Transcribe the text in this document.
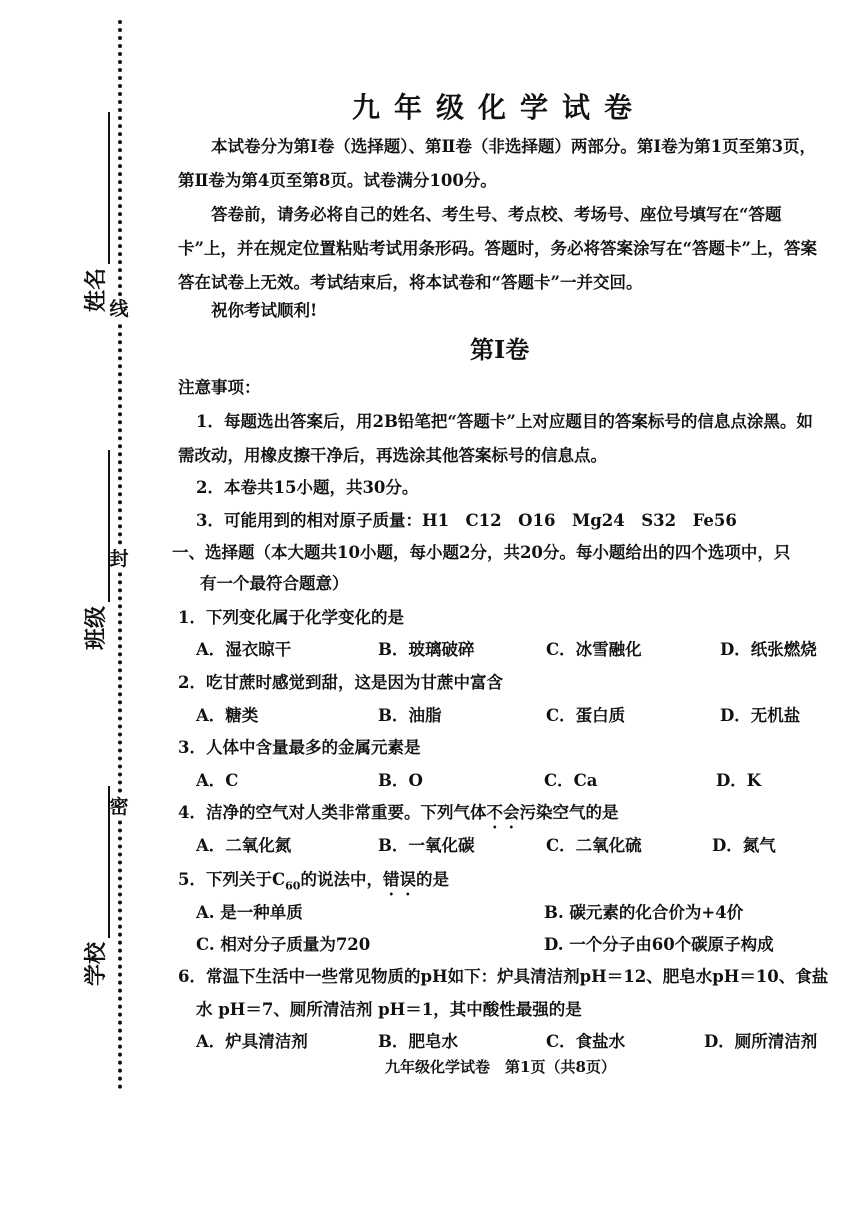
线
封
密
姓名
班级
学校
九年级化学试卷
本试卷分为第Ⅰ卷（选择题）、第Ⅱ卷（非选择题）两部分。第Ⅰ卷为第1页至第3页，第Ⅱ卷为第4页至第8页。试卷满分100分。
答卷前，请务必将自己的姓名、考生号、考点校、考场号、座位号填写在“答题卡”上，并在规定位置粘贴考试用条形码。答题时，务必将答案涂写在“答题卡”上，答案答在试卷上无效。考试结束后，将本试卷和“答题卡”一并交回。
祝你考试顺利!
第Ⅰ卷
注意事项：
1．每题选出答案后，用2B铅笔把“答题卡”上对应题目的答案标号的信息点涂黑。如需改动，用橡皮擦干净后，再选涂其他答案标号的信息点。
2．本卷共15小题，共30分。
3．可能用到的相对原子质量：H1　C12　O16　Mg24　S32　Fe56
一、选择题（本大题共10小题，每小题2分，共20分。每小题给出的四个选项中，只
有一个最符合题意）
1．下列变化属于化学变化的是
A．湿衣晾干	B．玻璃破碎	C．冰雪融化	D．纸张燃烧
2．吃甘蔗时感觉到甜，这是因为甘蔗中富含
A．糖类	B．油脂	C．蛋白质	D．无机盐
3．人体中含量最多的金属元素是
A．C	B．O	C．Ca	D．K
4．洁净的空气对人类非常重要。下列气体不会污染空气的是
A．二氧化氮	B．一氧化碳	C．二氧化硫	D．氮气
5．下列关于$C_{60}$的说法中，错误的是
A. 是一种单质	B. 碳元素的化合价为+4价
C. 相对分子质量为720	D. 一个分子由60个碳原子构成
6．常温下生活中一些常见物质的pH如下：炉具清洁剂pH＝12、肥皂水pH＝10、食盐
水 pH＝7、厕所清洁剂 pH＝1，其中酸性最强的是
A．炉具清洁剂	B．肥皂水	C．食盐水	D．厕所清洁剂
九年级化学试卷　第1页（共8页）
